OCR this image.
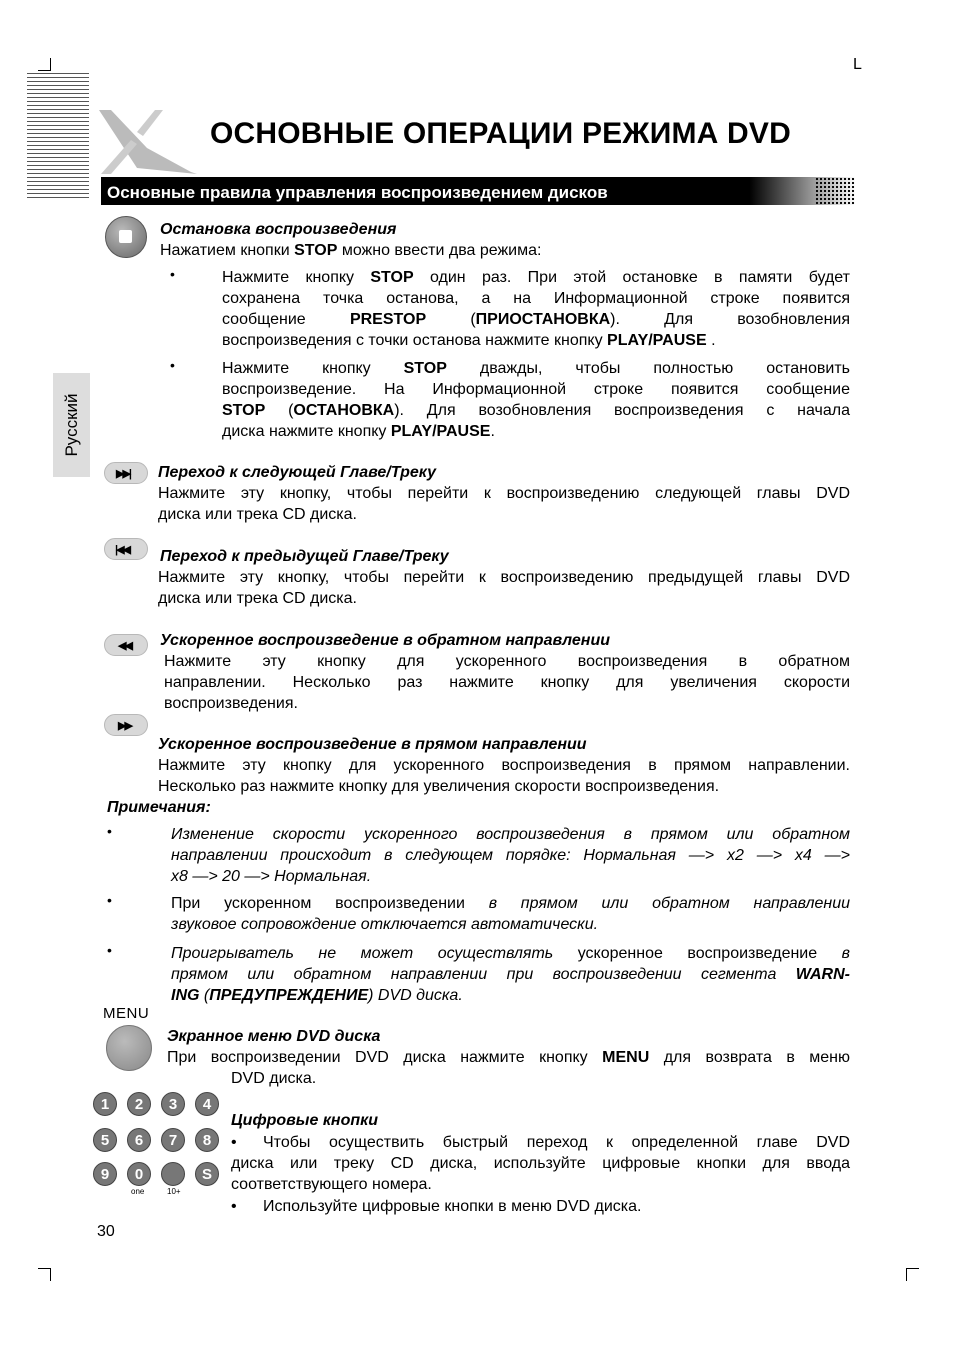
L
ОСНОВНЫЕ ОПЕРАЦИИ РЕЖИМА DVD
Основные правила управления воспроизведением дисков
Русский
Остановка воспроизведения
Нажатием кнопки STOP можно ввести два режима:
•	Нажмите кнопку STOP один раз. При этой остановке в памяти будет
сохранена точка останова, а на Информационной строке появится
сообщение PRESTOP (ПРИОСТАНОВКА). Для возобновления
воспроизведения с точки останова нажмите кнопку PLAY/PAUSE .
•	Нажмите кнопку STOP дважды, чтобы полностью остановить
воспроизведение. На Информационной строке появится сообщение
STOP (ОСТАНОВКА). Для возобновления воспроизведения с начала
диска нажмите кнопку PLAY/PAUSE.
▶▶| Переход к следующей Главе/Треку
Нажмите эту кнопку, чтобы перейти к воспроизведению следующей главы DVD
диска или трека CD диска.
|◀◀ Переход к предыдущей Главе/Треку
Нажмите эту кнопку, чтобы перейти к воспроизведению предыдущей главы DVD
диска или трека CD диска.
◀◀ Ускоренное воспроизведение в обратном направлении
Нажмите эту кнопку для ускоренного воспроизведения в обратном
направлении. Несколько раз нажмите кнопку для увеличения скорости
воспроизведения.
▶▶
Ускоренное воспроизведение в прямом направлении
Нажмите эту кнопку для ускоренного воспроизведения в прямом направлении.
Несколько раз нажмите кнопку для увеличения скорости воспроизведения.
Примечания:
•	Изменение скорости ускоренного воспроизведения в прямом или обратном
направлении происходит в следующем порядке: Нормальная —> x2 —> x4 —>
x8 —> 20 —> Нормальная.
•	При ускоренном воспроизведении в прямом или обратном направлении
звуковое сопровождение отключается автоматически.
•	Проигрыватель не может осуществлять ускоренное воспроизведение в
прямом или обратном направлении при воспроизведении сегмента WARN-
ING (ПРЕДУПРЕЖДЕНИЕ) DVD диска.
MENU
Экранное меню DVD диска
При воспроизведении DVD диска нажмите кнопку MENU для возврата в меню
DVD диска.
1	2	3	4
5	6	7	8
9	0	S
one	10+
Цифровые кнопки
• Чтобы осуществить быстрый переход к определенной главе DVD
диска или треку CD диска, используйте цифровые кнопки для ввода
соответствующего номера.
• Используйте цифровые кнопки в меню DVD диска.
30
